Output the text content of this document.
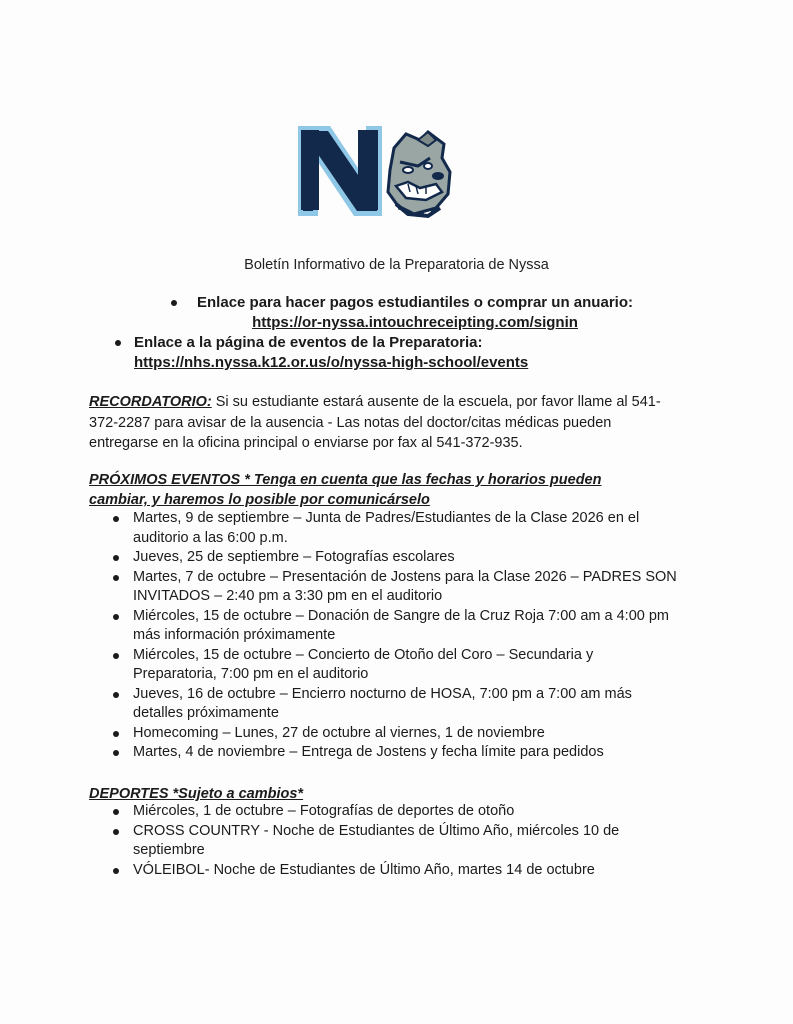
Boletín Informativo de la Preparatoria de Nyssa
Enlace para hacer pagos estudiantiles o comprar un anuario:
https://or-nyssa.intouchreceipting.com/signin
Enlace a la página de eventos de la Preparatoria:
https://nhs.nyssa.k12.or.us/o/nyssa-high-school/events
RECORDATORIO: Si su estudiante estará ausente de la escuela, por favor llame al 541-372-2287 para avisar de la ausencia - Las notas del doctor/citas médicas pueden entregarse en la oficina principal o enviarse por fax al 541-372-935.
PRÓXIMOS EVENTOS * Tenga en cuenta que las fechas y horarios pueden cambiar, y haremos lo posible por comunicárselo
Martes, 9 de septiembre – Junta de Padres/Estudiantes de la Clase 2026 en el auditorio a las 6:00 p.m.
Jueves, 25 de septiembre – Fotografías escolares
Martes, 7 de octubre – Presentación de Jostens para la Clase 2026 – PADRES SON INVITADOS – 2:40 pm a 3:30 pm en el auditorio
Miércoles, 15 de octubre – Donación de Sangre de la Cruz Roja 7:00 am a 4:00 pm más información próximamente
Miércoles, 15 de octubre – Concierto de Otoño del Coro – Secundaria y Preparatoria, 7:00 pm en el auditorio
Jueves, 16 de octubre – Encierro nocturno de HOSA, 7:00 pm a 7:00 am más detalles próximamente
Homecoming – Lunes, 27 de octubre al viernes, 1 de noviembre
Martes, 4 de noviembre – Entrega de Jostens y fecha límite para pedidos
DEPORTES *Sujeto a cambios*
Miércoles, 1 de octubre – Fotografías de deportes de otoño
CROSS COUNTRY - Noche de Estudiantes de Último Año, miércoles 10 de septiembre
VÓLEIBOL- Noche de Estudiantes de Último Año, martes 14 de octubre
